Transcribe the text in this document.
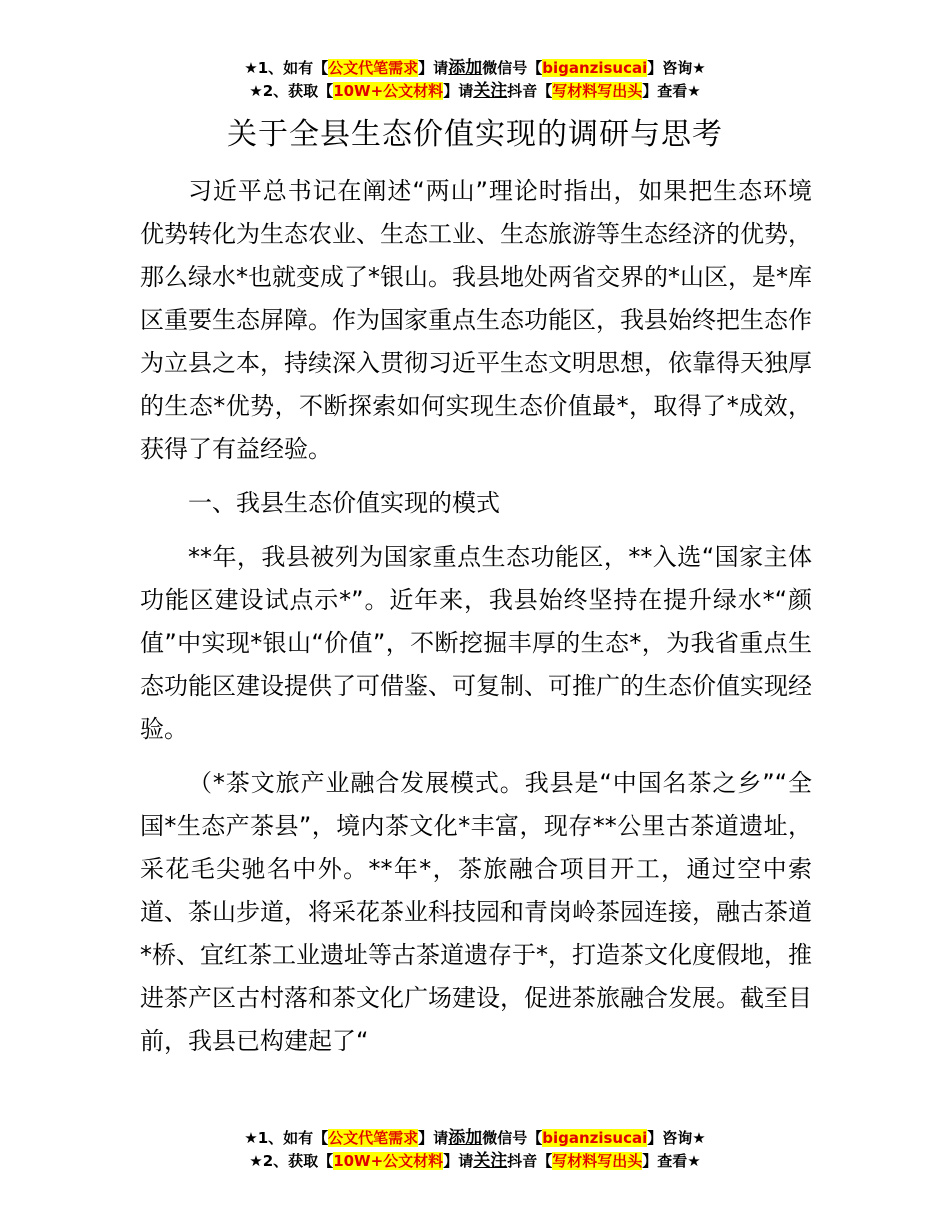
★1、如有【公文代笔需求】请添加微信号【biganzisucai】咨询★
★2、获取【10W+公文材料】请关注抖音【写材料写出头】查看★
关于全县生态价值实现的调研与思考

习近平总书记在阐述“两山”理论时指出，如果把生态环境优势转化为生态农业、生态工业、生态旅游等生态经济的优势，那么绿水*也就变成了*银山。我县地处两省交界的*山区，是*库区重要生态屏障。作为国家重点生态功能区，我县始终把生态作为立县之本，持续深入贯彻习近平生态文明思想，依靠得天独厚的生态*优势，不断探索如何实现生态价值最*，取得了*成效，获得了有益经验。

一、我县生态价值实现的模式

**年，我县被列为国家重点生态功能区，**入选“国家主体功能区建设试点示*”。近年来，我县始终坚持在提升绿水*“颜值”中实现*银山“价值”，不断挖掘丰厚的生态*，为我省重点生态功能区建设提供了可借鉴、可复制、可推广的生态价值实现经验。

（*茶文旅产业融合发展模式。我县是“中国名茶之乡”“全国*生态产茶县”，境内茶文化*丰富，现存**公里古茶道遗址，采花毛尖驰名中外。**年*，茶旅融合项目开工，通过空中索道、茶山步道，将采花茶业科技园和青岗岭茶园连接，融古茶道*桥、宜红茶工业遗址等古茶道遗存于*，打造茶文化度假地，推进茶产区古村落和茶文化广场建设，促进茶旅融合发展。截至目前，我县已构建起了“

★1、如有【公文代笔需求】请添加微信号【biganzisucai】咨询★
★2、获取【10W+公文材料】请关注抖音【写材料写出头】查看★
